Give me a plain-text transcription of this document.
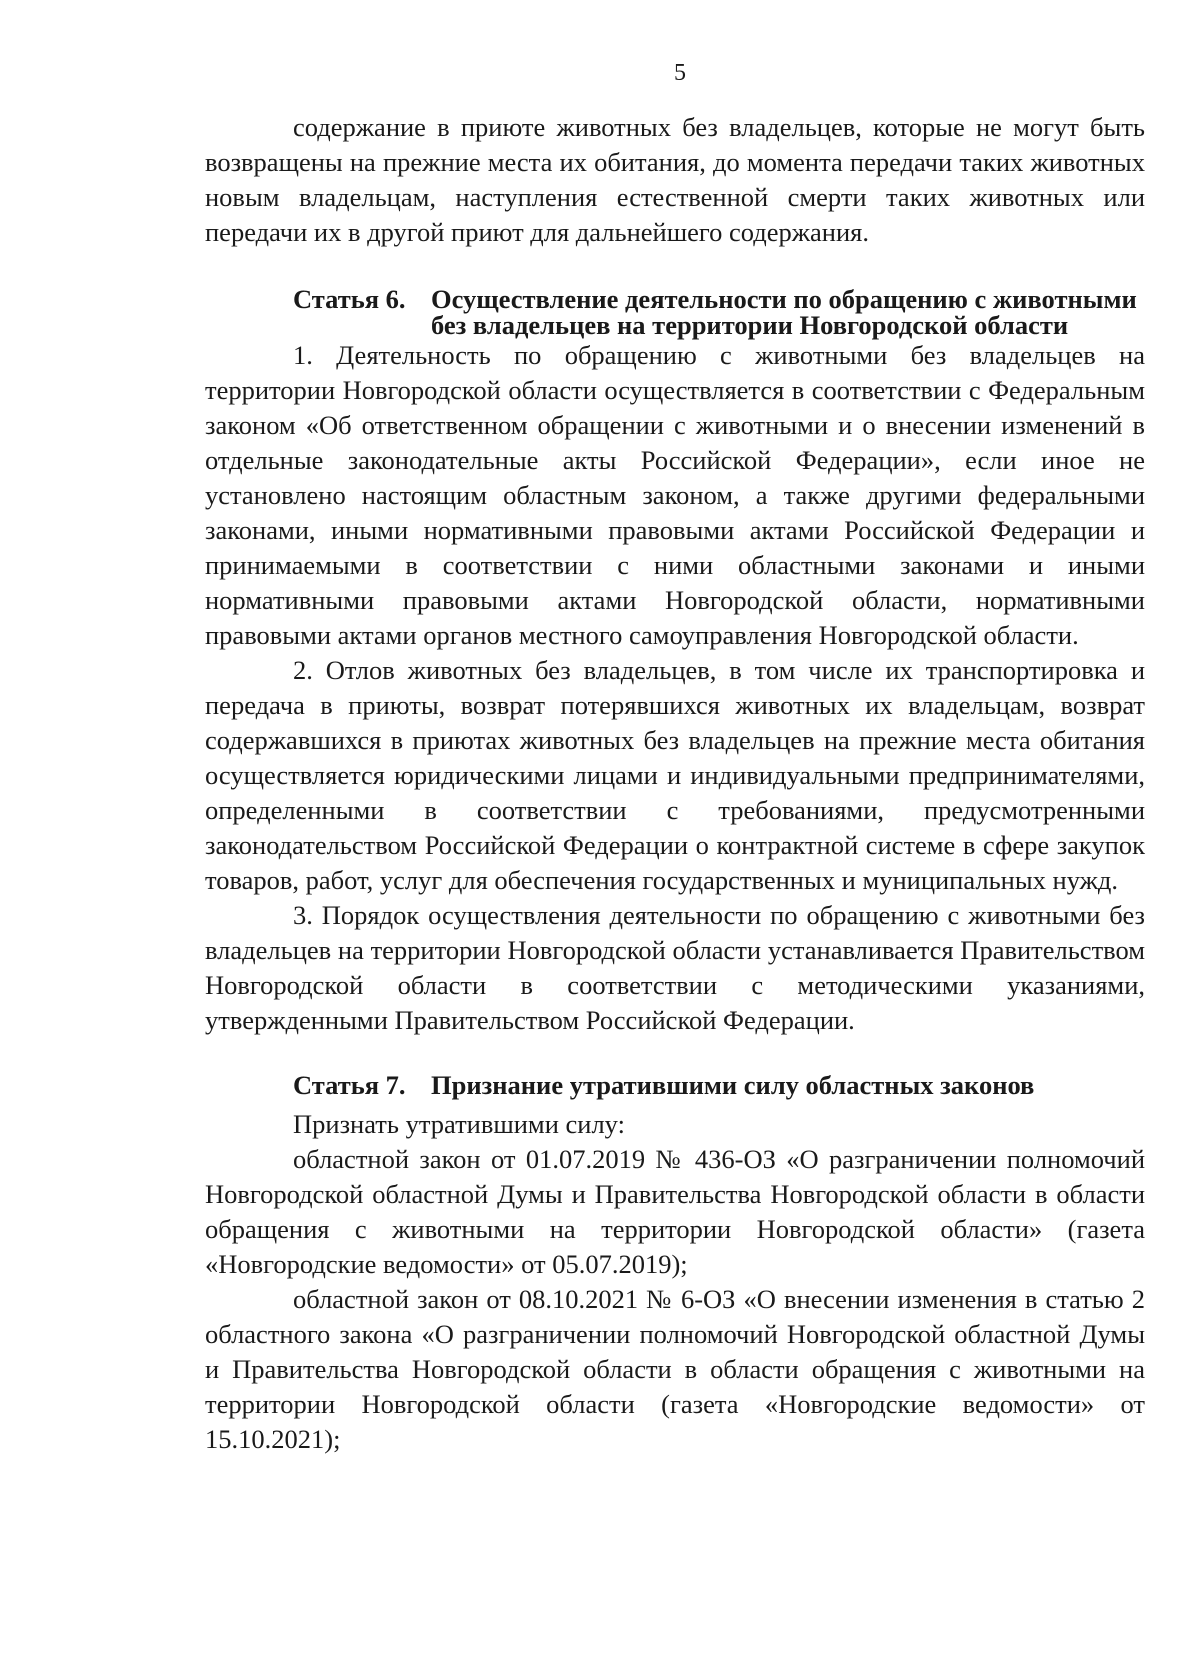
5

содержание в приюте животных без владельцев, которые не могут быть возвращены на прежние места их обитания, до момента передачи таких животных новым владельцам, наступления естественной смерти таких животных или передачи их в другой приют для дальнейшего содержания.

Статья 6. Осуществление деятельности по обращению с животными без владельцев на территории Новгородской области

1. Деятельность по обращению с животными без владельцев на территории Новгородской области осуществляется в соответствии с Федеральным законом «Об ответственном обращении с животными и о внесении изменений в отдельные законодательные акты Российской Федерации», если иное не установлено настоящим областным законом, а также другими федеральными законами, иными нормативными правовыми актами Российской Федерации и принимаемыми в соответствии с ними областными законами и иными нормативными правовыми актами Новгородской области, нормативными правовыми актами органов местного самоуправления Новгородской области.

2. Отлов животных без владельцев, в том числе их транспортировка и передача в приюты, возврат потерявшихся животных их владельцам, возврат содержавшихся в приютах животных без владельцев на прежние места обитания осуществляется юридическими лицами и индивидуальными предпринимателями, определенными в соответствии с требованиями, предусмотренными законодательством Российской Федерации о контрактной системе в сфере закупок товаров, работ, услуг для обеспечения государственных и муниципальных нужд.

3. Порядок осуществления деятельности по обращению с животными без владельцев на территории Новгородской области устанавливается Правительством Новгородской области в соответствии с методическими указаниями, утвержденными Правительством Российской Федерации.

Статья 7. Признание утратившими силу областных законов

Признать утратившими силу:

областной закон от 01.07.2019 № 436-ОЗ «О разграничении полномочий Новгородской областной Думы и Правительства Новгородской области в области обращения с животными на территории Новгородской области» (газета «Новгородские ведомости» от 05.07.2019);

областной закон от 08.10.2021 № 6-ОЗ «О внесении изменения в статью 2 областного закона «О разграничении полномочий Новгородской областной Думы и Правительства Новгородской области в области обращения с животными на территории Новгородской области (газета «Новгородские ведомости» от 15.10.2021);
